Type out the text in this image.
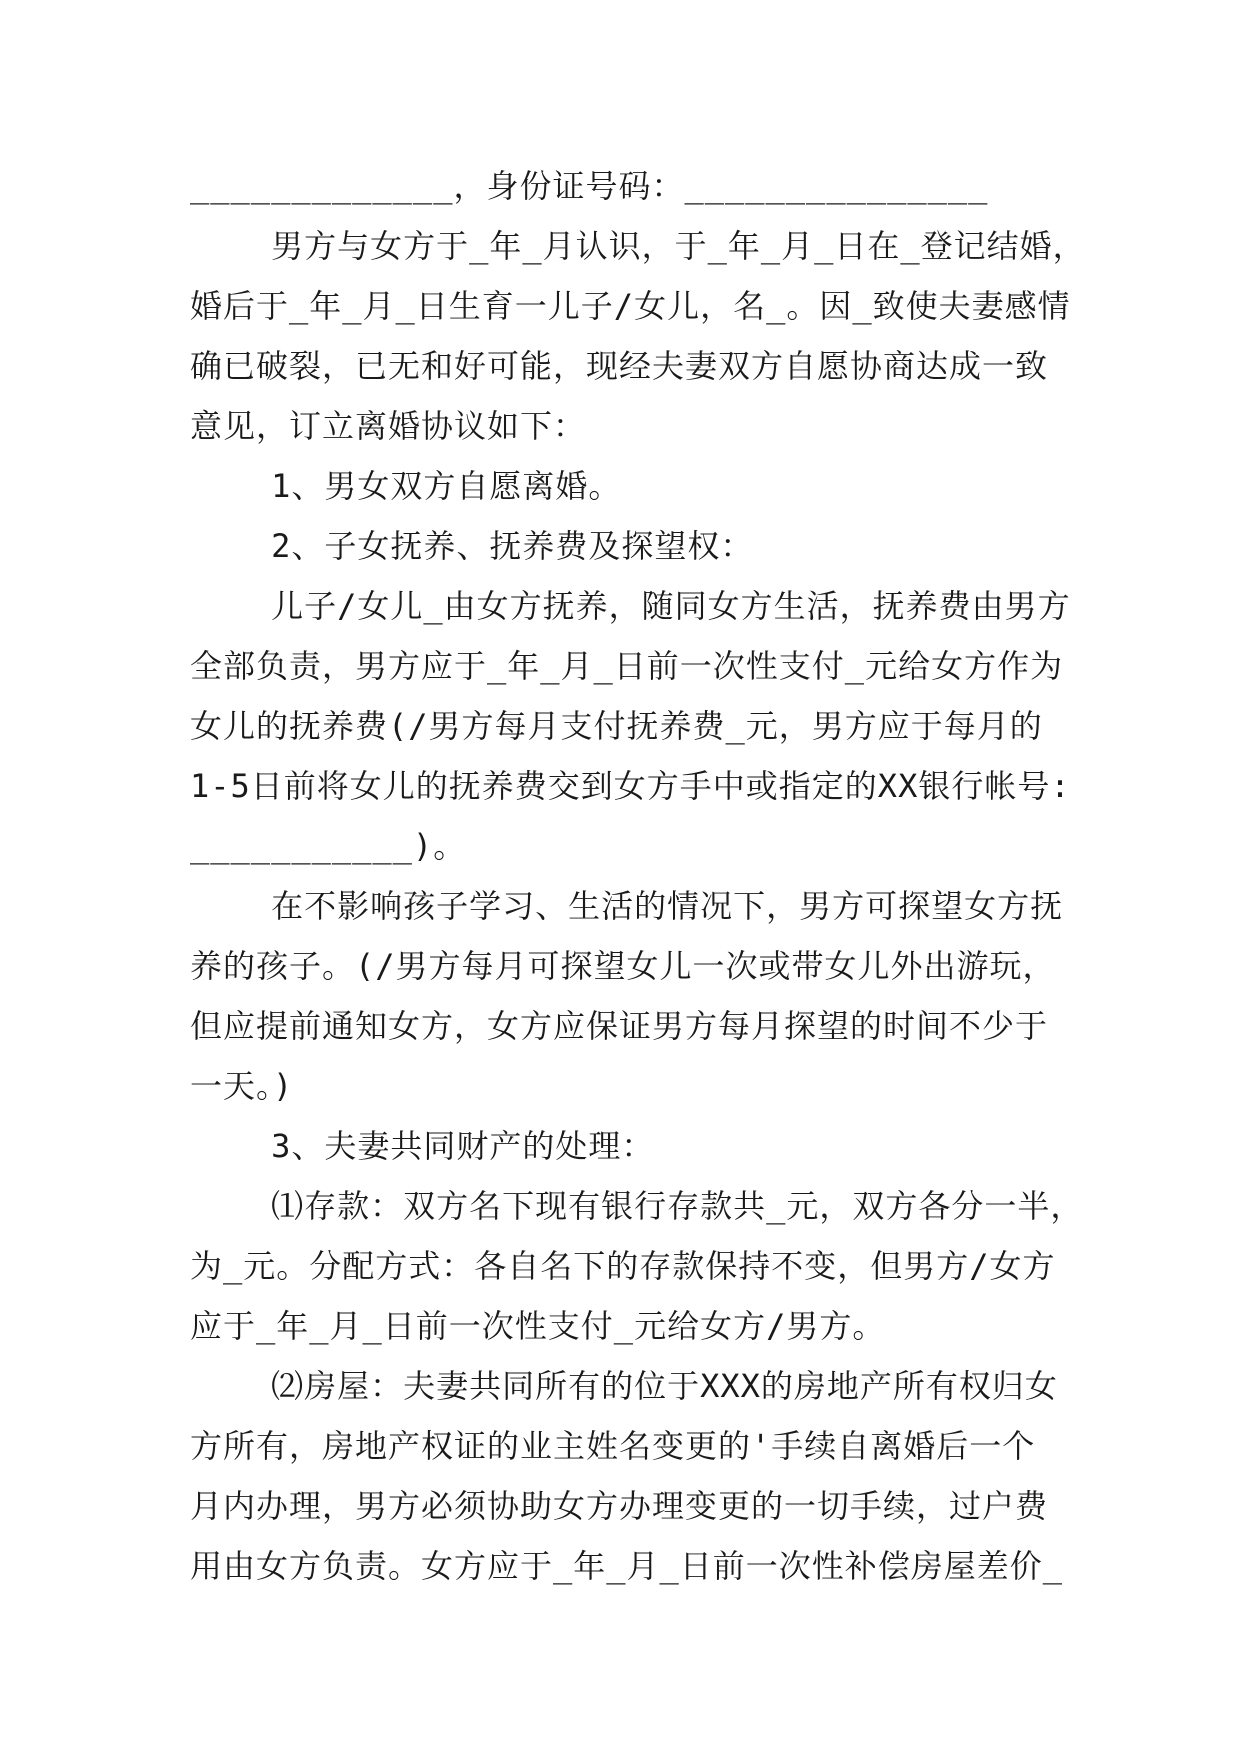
_____________，身份证号码：_______________
男方与女方于_年_月认识，于_年_月_日在_登记结婚，
婚后于_年_月_日生育一儿子/女儿，名_。因_致使夫妻感情
确已破裂，已无和好可能，现经夫妻双方自愿协商达成一致
意见，订立离婚协议如下：
1、男女双方自愿离婚。
2、子女抚养、抚养费及探望权：
儿子/女儿_由女方抚养，随同女方生活，抚养费由男方
全部负责，男方应于_年_月_日前一次性支付_元给女方作为
女儿的抚养费(/男方每月支付抚养费_元，男方应于每月的
1-5日前将女儿的抚养费交到女方手中或指定的XX银行帐号:
___________)。
在不影响孩子学习、生活的情况下，男方可探望女方抚
养的孩子。(/男方每月可探望女儿一次或带女儿外出游玩，
但应提前通知女方，女方应保证男方每月探望的时间不少于
一天。)
3、夫妻共同财产的处理：
⑴存款：双方名下现有银行存款共_元，双方各分一半，
为_元。分配方式：各自名下的存款保持不变，但男方/女方
应于_年_月_日前一次性支付_元给女方/男方。
⑵房屋：夫妻共同所有的位于XXX的房地产所有权归女
方所有，房地产权证的业主姓名变更的'手续自离婚后一个
月内办理，男方必须协助女方办理变更的一切手续，过户费
用由女方负责。女方应于_年_月_日前一次性补偿房屋差价_
